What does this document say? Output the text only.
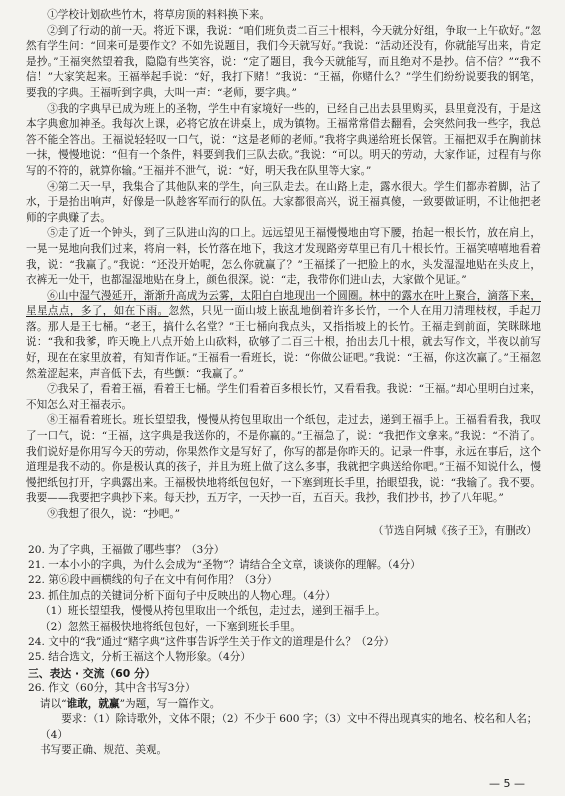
①学校计划砍些竹木，将草房顶的料料换下来。

②到了行动的前一天。将近下课，我说：“咱们班负责二百三十根料，今天就分好组，争取一上午砍好。”忽然有学生问：“回来可是要作文？不如先说题目，我们今天就写好。”我说：“活动还没有，你就能写出来，肯定是抄。”王福突然望着我，隐隐有些笑容，说：“定了题目，我今天就能写，而且绝对不是抄。信不信？”“我不信！”大家笑起来。王福举起手说：“好，我打下赌！”我说：“王福，你赌什么？”学生们纷纷说要我的钢笔，要我的字典。王福听到字典，大叫一声：“老师，要字典。”

③我的字典早已成为班上的圣物，学生中有家境好一些的，已经自己出去县里购买，县里竟没有，于是这本字典愈加神圣。我每次上课，必将它放在讲桌上，成为镇物。王福常常借去翻看，会突然问我一些字，我总答不能全答出。王福说轻轻叹一口气，说：“这是老师的老师。”我将字典递给班长保管。王福把双手在胸前抹一抹，慢慢地说：“但有一个条件，料要到我们三队去砍。”我说：“可以。明天的劳动，大家作证，过程有与你写的不符的，就算你输。”王福并不泄气，说：“好，明天我在队里等大家。”

④第二天一早，我集合了其他队来的学生，向三队走去。在山路上走，露水很大。学生们都赤着脚，沾了水，于是抬出响声，好像是一队趁客军而行的队伍。大家都很高兴，说王福真傻，一致要做证明，不让他把老师的字典赚了去。

⑤走了近一个钟头，到了三队进山沟的口上。远远望见王福慢慢地由穹下腰，抬起一根长竹，放在肩上，一晃一晃地向我们过来，将肩一料，长竹落在地下，我这才发现路旁草里已有几十根长竹。王福笑嘻嘻地看着我，说：“我赢了。”我说：“还没开始呢，怎么你就赢了？”王福揉了一把脸上的水，头发湿湿地贴在头皮上，衣裤无一处干，也都湿湿地贴在身上，颜色很深。说：“走，我带你们进山去，大家做个见证。”

⑥山中湿气漫延开，渐渐升高成为云雾，太阳白白地现出一个圆圈。林中的露水在叶上聚合，滴落下来，星星点点，多了，如在下雨。忽然，只见一面山坡上嵌乱地倒着许多长竹，一个人在用刀清理枝杈，手起刀落。那人是王七桶。“老王，搞什么名堂？”王七桶向我点头，又指指坡上的长竹。王福走到前面，笑眯眯地说：“我和我爹，昨天晚上八点开始上山砍料，砍够了二百三十根，抬出去几十根，就去写作文，半夜以前写好，现在在家里放着，有知青作证。”王福看一看班长，说：“你做公证吧。”我说：“王福，你这次赢了。”王福忽然羞涩起来，声音低下去，有些颤：“我赢了。”

⑦我呆了，看着王福，看着王七桶。学生们看着百多根长竹，又看看我。我说：“王福。”却心里明白过来，不知怎么对王福表示。

⑧王福看着班长。班长望望我，慢慢从挎包里取出一个纸包，走过去，递到王福手上。王福看看我，我叹了一口气，说：“王福，这字典是我送你的，不是你赢的。”王福急了，说：“我把作文拿来。”我说：“不消了。我们说好是你用写今天的劳动，你果然作文是写好了，你写的都是你昨天的。记录一件事，永远在事后，这个道理是我不动的。你是极认真的孩子，并且为班上做了这么多事，我就把字典送给你吧。”王福不知说什么，慢慢把纸包打开，字典露出来。王福极快地将纸包包好，一下塞到班长手里，抬眼望我，说：“我输了。我不要。我要——我要把字典抄下来。每天抄，五万字，一天抄一百，五百天。我抄，我们抄书，抄了八年呢。”

⑨我想了很久，说：“抄吧。”

（节选自阿城《孩子王》，有删改）

20. 为了字典，王福做了哪些事？（3分）

21. 一本小小的字典，为什么会成为“圣物”？请结合全文章，谈谈你的理解。（4分）

22. 第⑥段中画横线的句子在文中有何作用？（3分）

23. 抓住加点的关键词分析下面句子中反映出的人物心理。（4分）

（1）班长望望我，慢慢从挎包里取出一个纸包，走过去，递到王福手上。

（2）忽然王福极快地将纸包包好，一下塞到班长手里。

24. 文中的“我”通过“赌字典”这件事告诉学生关于作文的道理是什么？（2分）

25. 结合选文，分析王福这个人物形象。（4分）

三、表达 · 交流（60 分）

26. 作文（60分，其中含书写3分）

请以“谁敢，就赢”为题，写一篇作文。

要求：（1）除诗歌外，文体不限；（2）不少于 600 字；（3）文中不得出现真实的地名、校名和人名；（4）

书写要正确、规范、美观。

— 5 —
